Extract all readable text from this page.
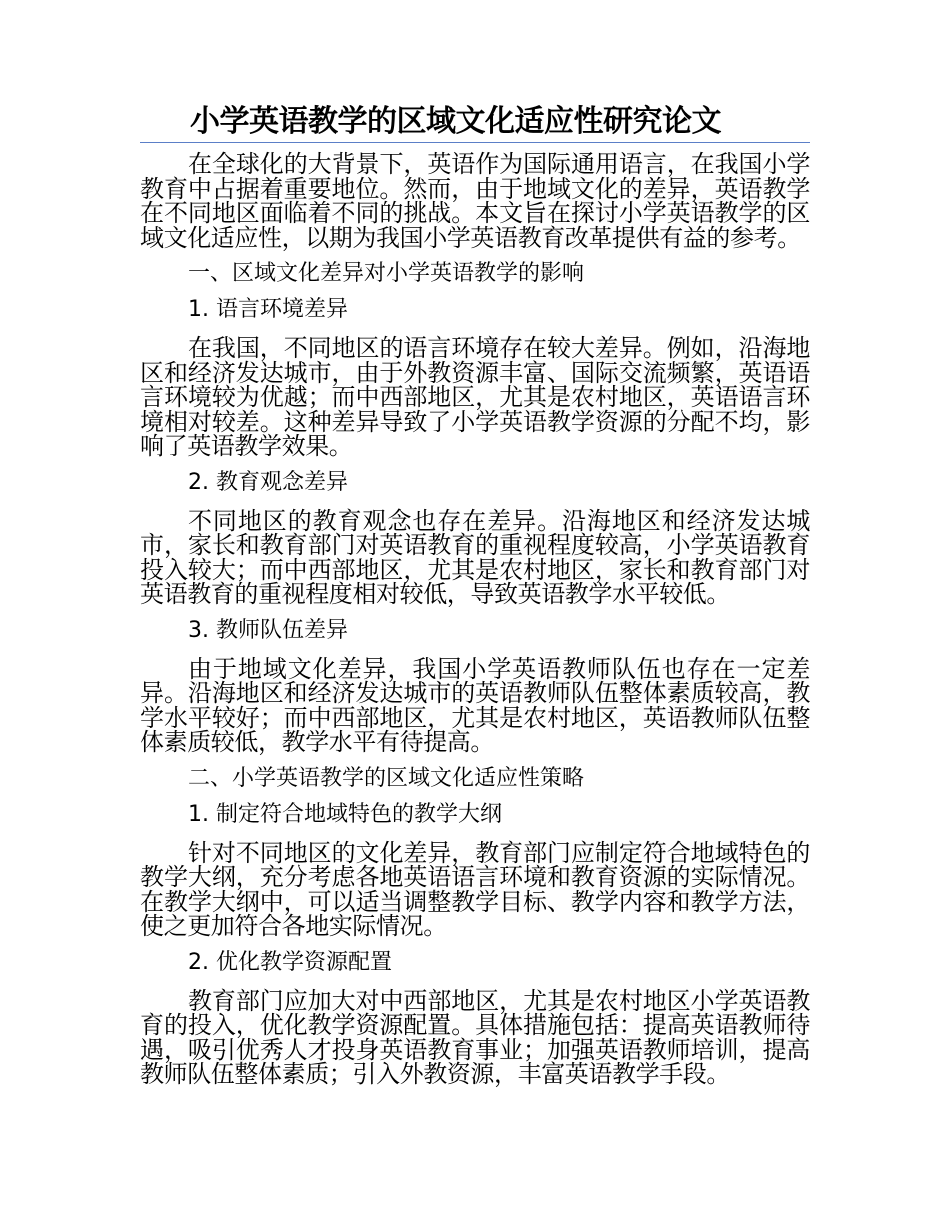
小学英语教学的区域文化适应性研究论文

在全球化的大背景下，英语作为国际通用语言，在我国小学教育中占据着重要地位。然而，由于地域文化的差异，英语教学在不同地区面临着不同的挑战。本文旨在探讨小学英语教学的区域文化适应性，以期为我国小学英语教育改革提供有益的参考。

一、区域文化差异对小学英语教学的影响

1. 语言环境差异

在我国，不同地区的语言环境存在较大差异。例如，沿海地区和经济发达城市，由于外教资源丰富、国际交流频繁，英语语言环境较为优越；而中西部地区，尤其是农村地区，英语语言环境相对较差。这种差异导致了小学英语教学资源的分配不均，影响了英语教学效果。

2. 教育观念差异

不同地区的教育观念也存在差异。沿海地区和经济发达城市，家长和教育部门对英语教育的重视程度较高，小学英语教育投入较大；而中西部地区，尤其是农村地区，家长和教育部门对英语教育的重视程度相对较低，导致英语教学水平较低。

3. 教师队伍差异

由于地域文化差异，我国小学英语教师队伍也存在一定差异。沿海地区和经济发达城市的英语教师队伍整体素质较高，教学水平较好；而中西部地区，尤其是农村地区，英语教师队伍整体素质较低，教学水平有待提高。

二、小学英语教学的区域文化适应性策略

1. 制定符合地域特色的教学大纲

针对不同地区的文化差异，教育部门应制定符合地域特色的教学大纲，充分考虑各地英语语言环境和教育资源的实际情况。在教学大纲中，可以适当调整教学目标、教学内容和教学方法，使之更加符合各地实际情况。

2. 优化教学资源配置

教育部门应加大对中西部地区，尤其是农村地区小学英语教育的投入，优化教学资源配置。具体措施包括：提高英语教师待遇，吸引优秀人才投身英语教育事业；加强英语教师培训，提高教师队伍整体素质；引入外教资源，丰富英语教学手段。
